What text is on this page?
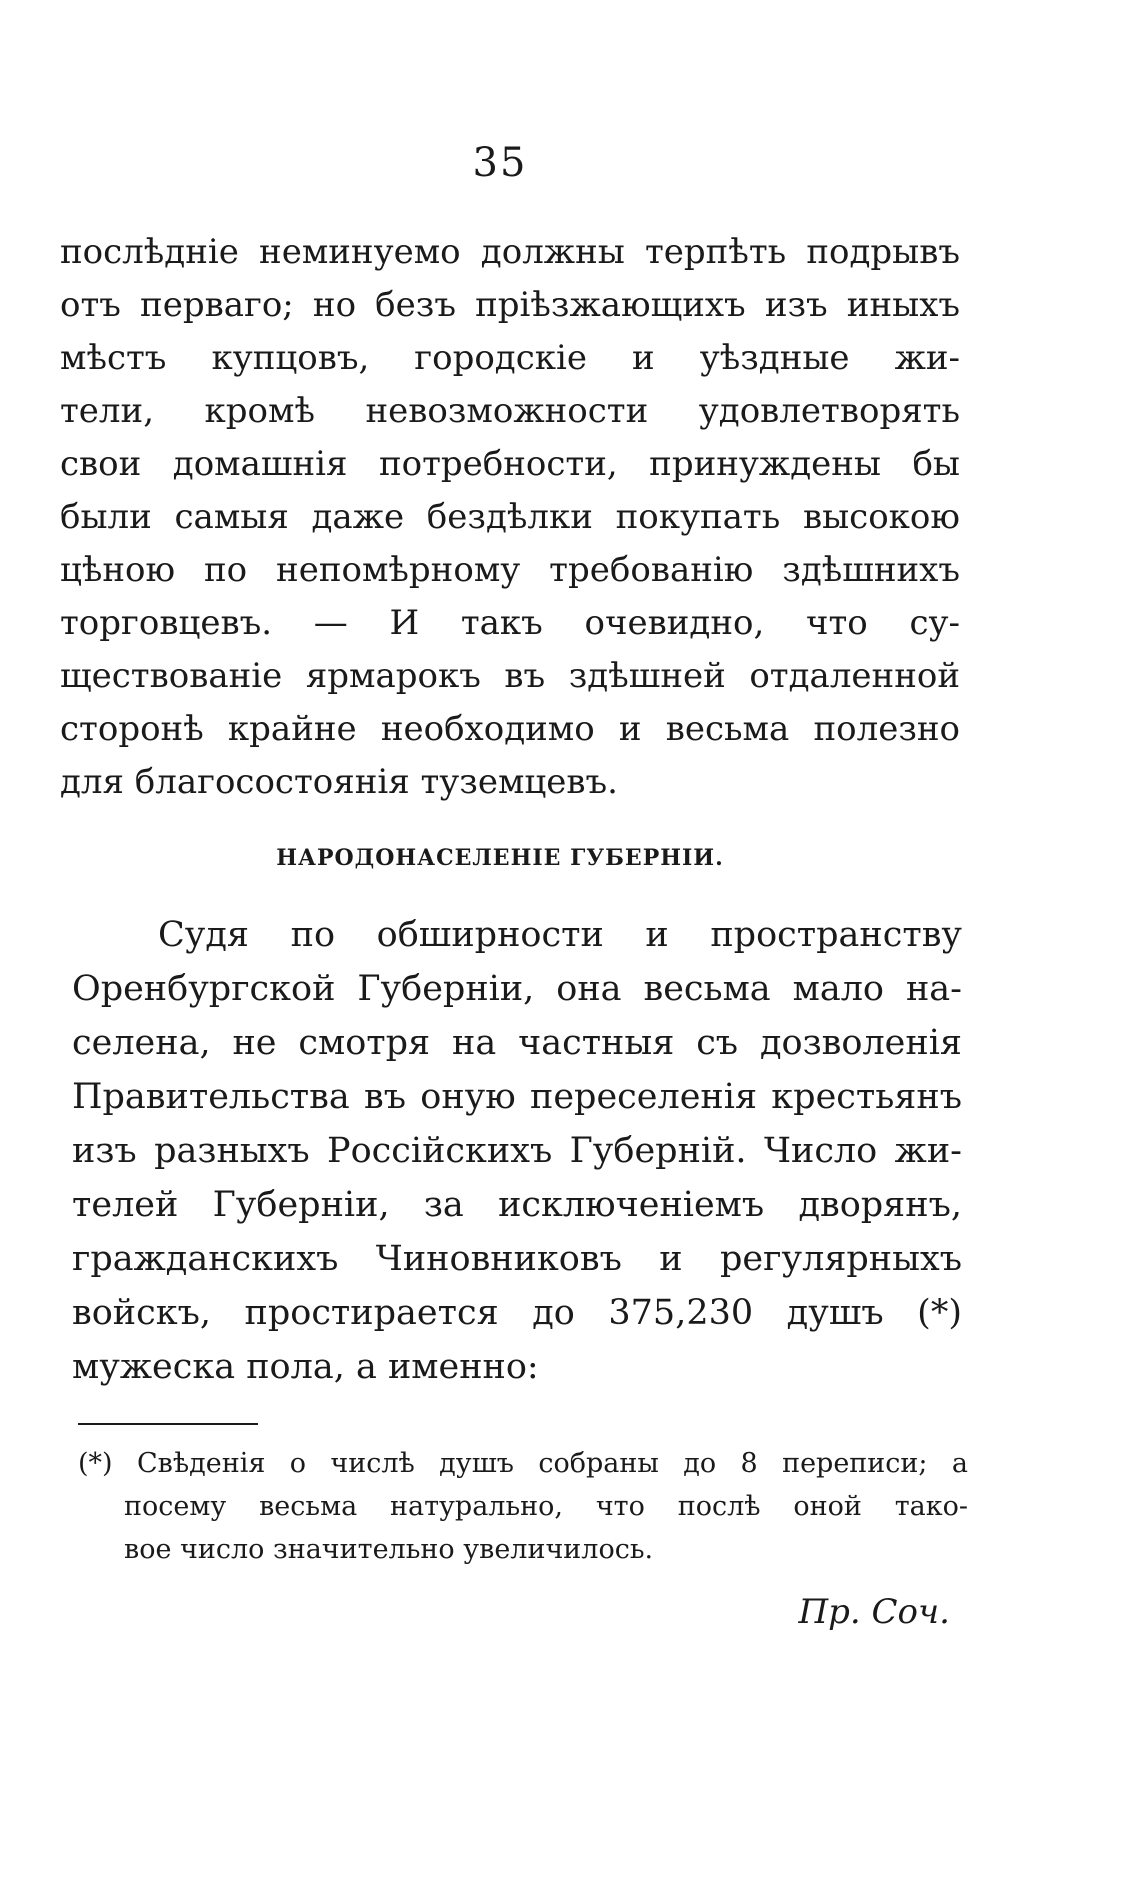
35
послѣдніе неминуемо должны терпѣть подрывъ
отъ перваго; но безъ пріѣзжающихъ изъ иныхъ
мѣстъ купцовъ, городскіе и уѣздные жи-
тели, кромѣ невозможности удовлетворять
свои домашнія потребности, принуждены бы
были самыя даже бездѣлки покупать высокою
цѣною по непомѣрному требованію здѣшнихъ
торговцевъ. — И такъ очевидно, что су-
ществованіе ярмарокъ въ здѣшней отдаленной
сторонѣ крайне необходимо и весьма полезно
для благосостоянія туземцевъ.
НАРОДОНАСЕЛЕНІЕ ГУБЕРНІИ.
Судя по обширности и пространству
Оренбургской Губерніи, она весьма мало на-
селена, не смотря на частныя съ дозволенія
Правительства въ оную переселенія крестьянъ
изъ разныхъ Россійскихъ Губерній. Число жи-
телей Губерніи, за исключеніемъ дворянъ,
гражданскихъ Чиновниковъ и регулярныхъ
войскъ, простирается до 375,230 душъ (*)
мужеска пола, а именно:
(*) Свѣденія о числѣ душъ собраны до 8 переписи; а
посему весьма натурально, что послѣ оной тако-
вое число значительно увеличилось.
Пр. Соч.
